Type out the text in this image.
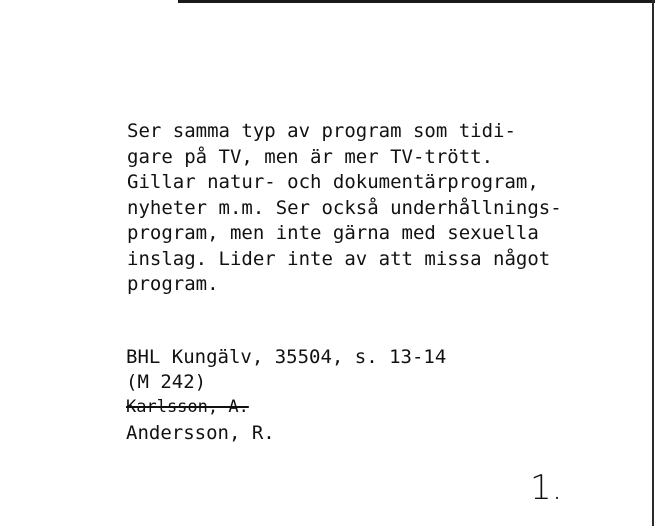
Ser samma typ av program som tidi-
gare på TV, men är mer TV-trött.
Gillar natur- och dokumentärprogram,
nyheter m.m. Ser också underhållnings-
program, men inte gärna med sexuella
inslag. Lider inte av att missa något
program.
BHL Kungälv, 35504, s. 13-14
(M 242)
Karlsson, A.
Andersson, R.
1.
